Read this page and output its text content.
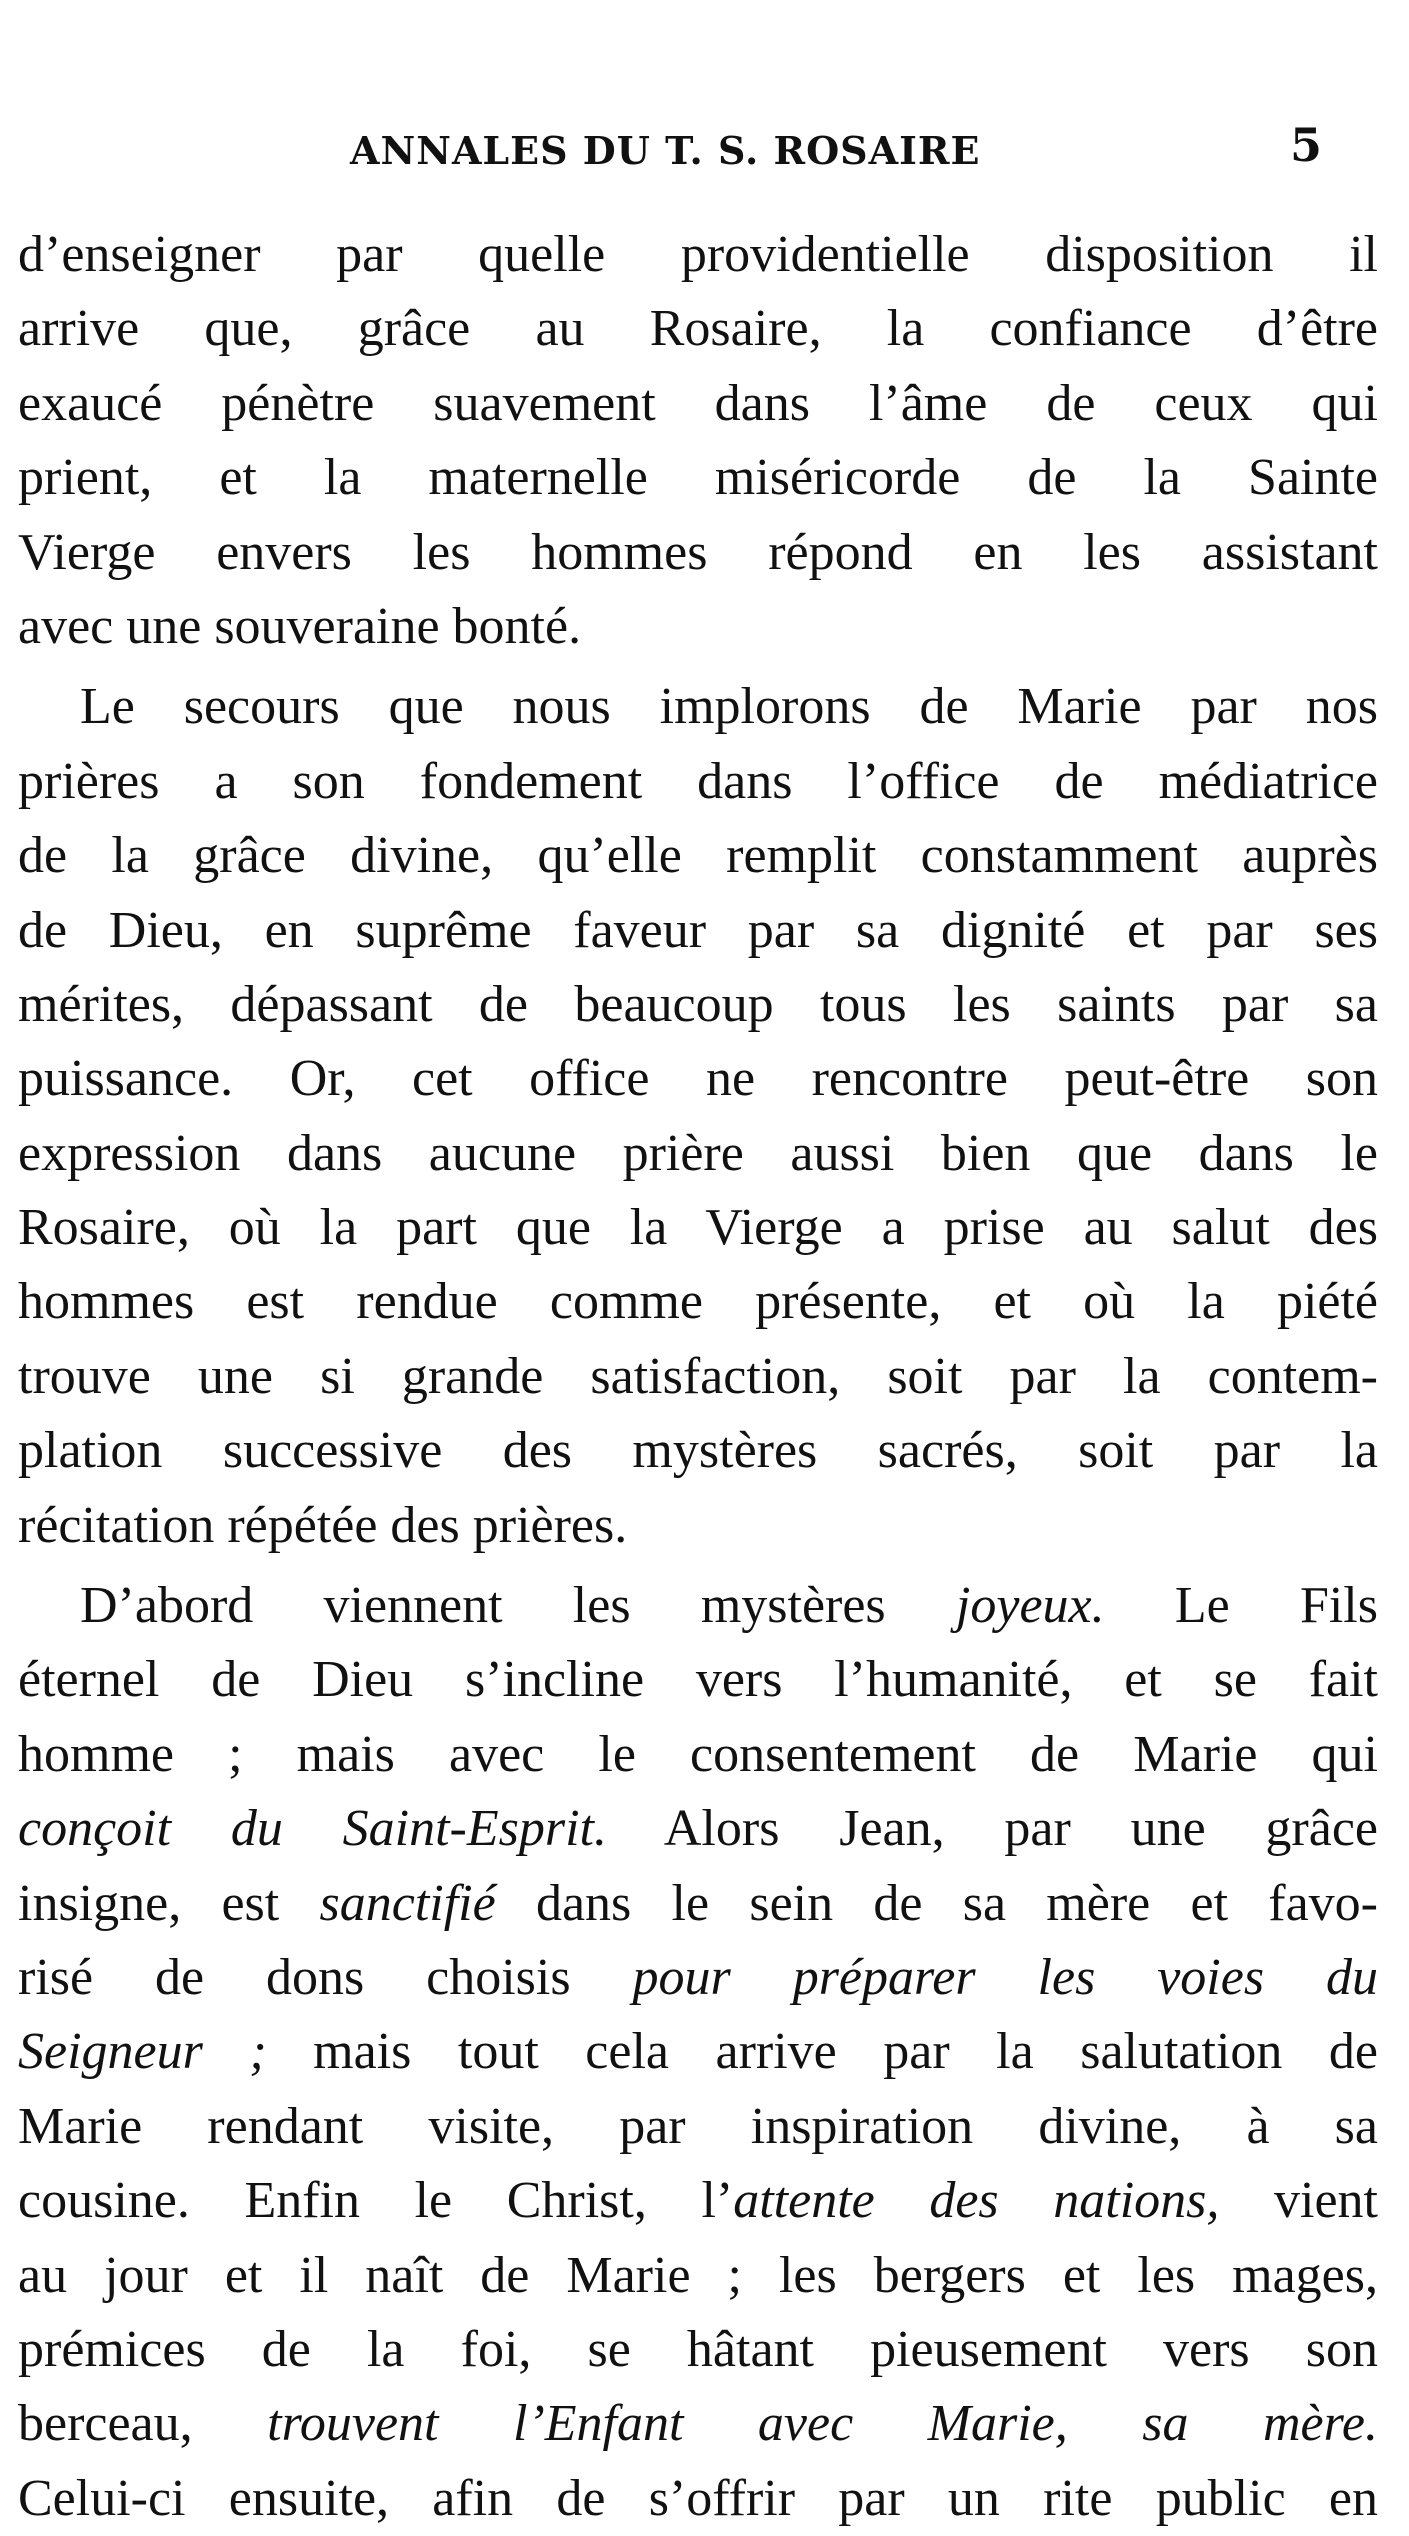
ANNALES DU T. S. ROSAIRE	5
d’enseigner par quelle providentielle disposition il
arrive que, grâce au Rosaire, la confiance d’être
exaucé pénètre suavement dans l’âme de ceux qui
prient, et la maternelle miséricorde de la Sainte
Vierge envers les hommes répond en les assistant
avec une souveraine bonté.
Le secours que nous implorons de Marie par nos
prières a son fondement dans l’office de médiatrice
de la grâce divine, qu’elle remplit constamment auprès
de Dieu, en suprême faveur par sa dignité et par ses
mérites, dépassant de beaucoup tous les saints par sa
puissance. Or, cet office ne rencontre peut-être son
expression dans aucune prière aussi bien que dans le
Rosaire, où la part que la Vierge a prise au salut des
hommes est rendue comme présente, et où la piété
trouve une si grande satisfaction, soit par la contem-
plation successive des mystères sacrés, soit par la
récitation répétée des prières.
D’abord viennent les mystères joyeux. Le Fils
éternel de Dieu s’incline vers l’humanité, et se fait
homme ; mais avec le consentement de Marie qui
conçoit du Saint-Esprit. Alors Jean, par une grâce
insigne, est sanctifié dans le sein de sa mère et favo-
risé de dons choisis pour préparer les voies du
Seigneur ; mais tout cela arrive par la salutation de
Marie rendant visite, par inspiration divine, à sa
cousine. Enfin le Christ, l’attente des nations, vient
au jour et il naît de Marie ; les bergers et les mages,
prémices de la foi, se hâtant pieusement vers son
berceau, trouvent l’Enfant avec Marie, sa mère.
Celui-ci ensuite, afin de s’offrir par un rite public en
